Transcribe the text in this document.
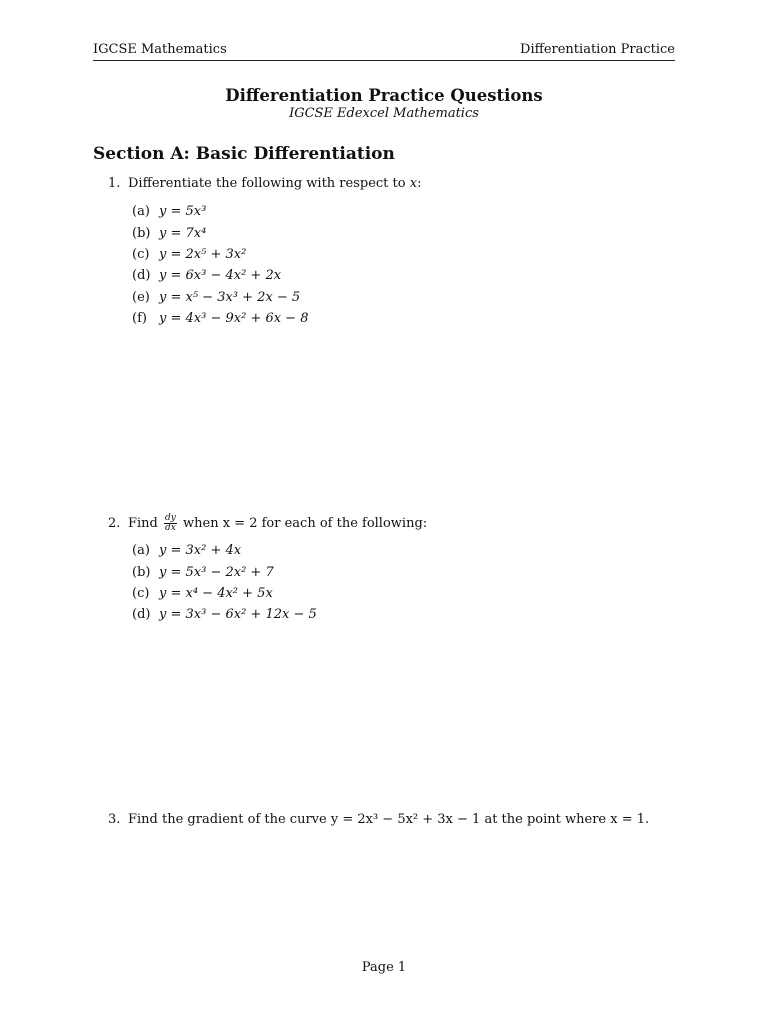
IGCSE Mathematics	Differentiation Practice
Differentiation Practice Questions
IGCSE Edexcel Mathematics
Section A: Basic Differentiation
1. Differentiate the following with respect to x:
(a) y = 5x³
(b) y = 7x⁴
(c) y = 2x⁵ + 3x²
(d) y = 6x³ − 4x² + 2x
(e) y = x⁵ − 3x³ + 2x − 5
(f) y = 4x³ − 9x² + 6x − 8
2. Find $\frac{dy}{dx}$ when x = 2 for each of the following:
(a) y = 3x² + 4x
(b) y = 5x³ − 2x² + 7
(c) y = x⁴ − 4x² + 5x
(d) y = 3x³ − 6x² + 12x − 5
3. Find the gradient of the curve y = 2x³ − 5x² + 3x − 1 at the point where x = 1.
Page 1
